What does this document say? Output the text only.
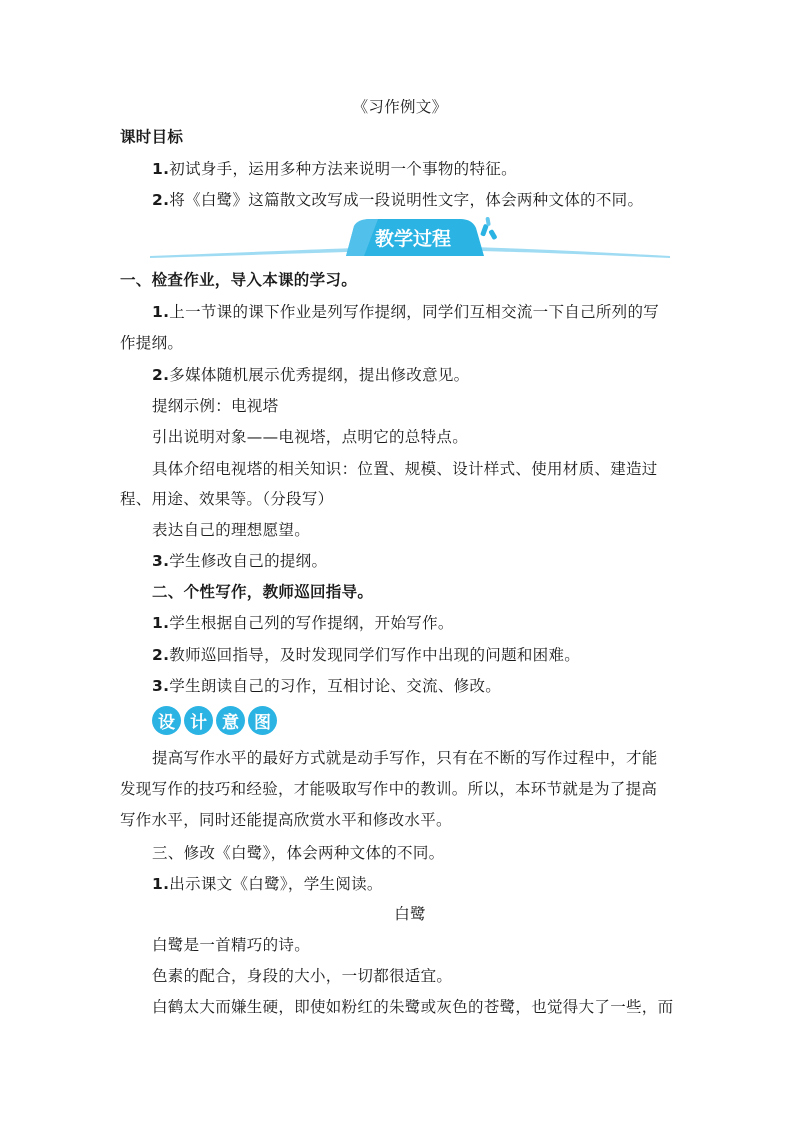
《习作例文》
课时目标
1.初试身手，运用多种方法来说明一个事物的特征。
2.将《白鹭》这篇散文改写成一段说明性文字，体会两种文体的不同。
教学过程
一、检查作业，导入本课的学习。
1.上一节课的课下作业是列写作提纲，同学们互相交流一下自己所列的写
作提纲。
2.多媒体随机展示优秀提纲，提出修改意见。
提纲示例：电视塔
引出说明对象——电视塔，点明它的总特点。
具体介绍电视塔的相关知识：位置、规模、设计样式、使用材质、建造过
程、用途、效果等。（分段写）
表达自己的理想愿望。
3.学生修改自己的提纲。
二、个性写作，教师巡回指导。
1.学生根据自己列的写作提纲，开始写作。
2.教师巡回指导，及时发现同学们写作中出现的问题和困难。
3.学生朗读自己的习作，互相讨论、交流、修改。
设 计 意 图
提高写作水平的最好方式就是动手写作，只有在不断的写作过程中，才能
发现写作的技巧和经验，才能吸取写作中的教训。所以，本环节就是为了提高
写作水平，同时还能提高欣赏水平和修改水平。
三、修改《白鹭》，体会两种文体的不同。
1.出示课文《白鹭》，学生阅读。
白鹭
白鹭是一首精巧的诗。
色素的配合，身段的大小，一切都很适宜。
白鹤太大而嫌生硬，即使如粉红的朱鹭或灰色的苍鹭，也觉得大了一些，而
